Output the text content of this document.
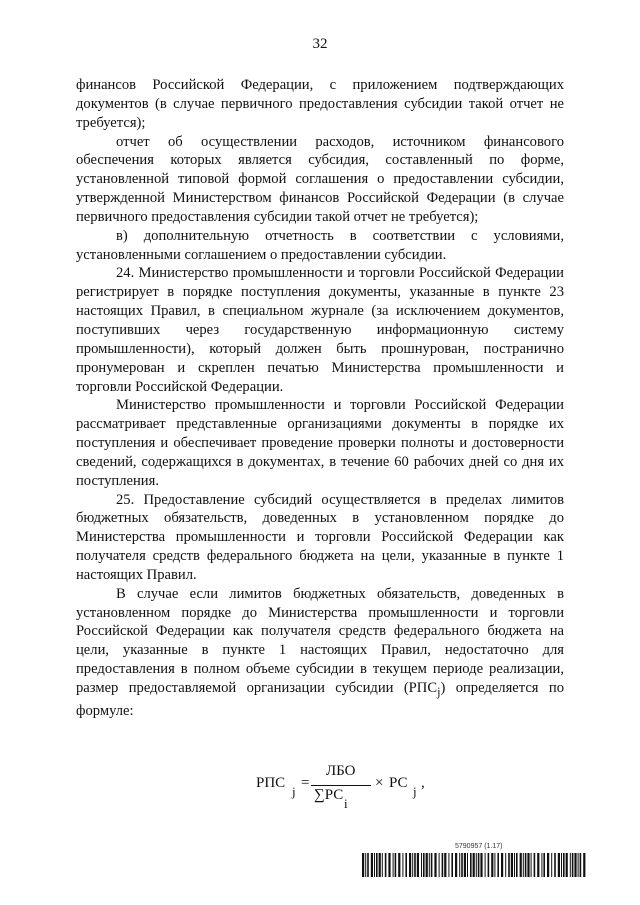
32

финансов Российской Федерации, с приложением подтверждающих документов (в случае первичного предоставления субсидии такой отчет не требуется);

отчет об осуществлении расходов, источником финансового обеспечения которых является субсидия, составленный по форме, установленной типовой формой соглашения о предоставлении субсидии, утвержденной Министерством финансов Российской Федерации (в случае первичного предоставления субсидии такой отчет не требуется);

в) дополнительную отчетность в соответствии с условиями, установленными соглашением о предоставлении субсидии.

24. Министерство промышленности и торговли Российской Федерации регистрирует в порядке поступления документы, указанные в пункте 23 настоящих Правил, в специальном журнале (за исключением документов, поступивших через государственную информационную систему промышленности), который должен быть прошнурован, постранично пронумерован и скреплен печатью Министерства промышленности и торговли Российской Федерации.

Министерство промышленности и торговли Российской Федерации рассматривает представленные организациями документы в порядке их поступления и обеспечивает проведение проверки полноты и достоверности сведений, содержащихся в документах, в течение 60 рабочих дней со дня их поступления.

25. Предоставление субсидий осуществляется в пределах лимитов бюджетных обязательств, доведенных в установленном порядке до Министерства промышленности и торговли Российской Федерации как получателя средств федерального бюджета на цели, указанные в пункте 1 настоящих Правил.

В случае если лимитов бюджетных обязательств, доведенных в установленном порядке до Министерства промышленности и торговли Российской Федерации как получателя средств федерального бюджета на цели, указанные в пункте 1 настоящих Правил, недостаточно для предоставления в полном объеме субсидии в текущем периоде реализации, размер предоставляемой организации субсидии $(РПС_j)$ определяется по формуле:

РПС
j
=
ЛБО
∑РС
i
× РС
j
,
5790957 (1.17)
